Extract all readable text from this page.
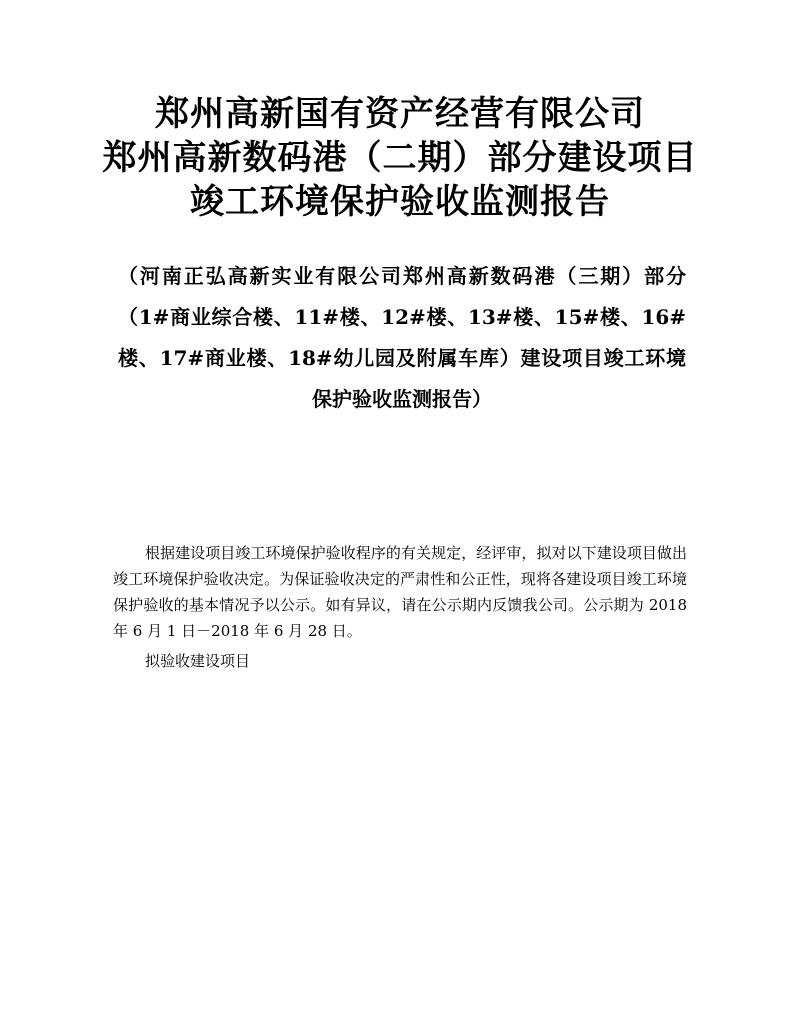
郑州高新国有资产经营有限公司
郑州高新数码港（二期）部分建设项目
竣工环境保护验收监测报告
（河南正弘高新实业有限公司郑州高新数码港（三期）部分（1#商业综合楼、11#楼、12#楼、13#楼、15#楼、16#楼、17#商业楼、18#幼儿园及附属车库）建设项目竣工环境保护验收监测报告）

根据建设项目竣工环境保护验收程序的有关规定，经评审，拟对以下建设项目做出竣工环境保护验收决定。为保证验收决定的严肃性和公正性，现将各建设项目竣工环境保护验收的基本情况予以公示。如有异议，请在公示期内反馈我公司。公示期为 2018 年 6 月 1 日－2018 年 6 月 28 日。

拟验收建设项目
